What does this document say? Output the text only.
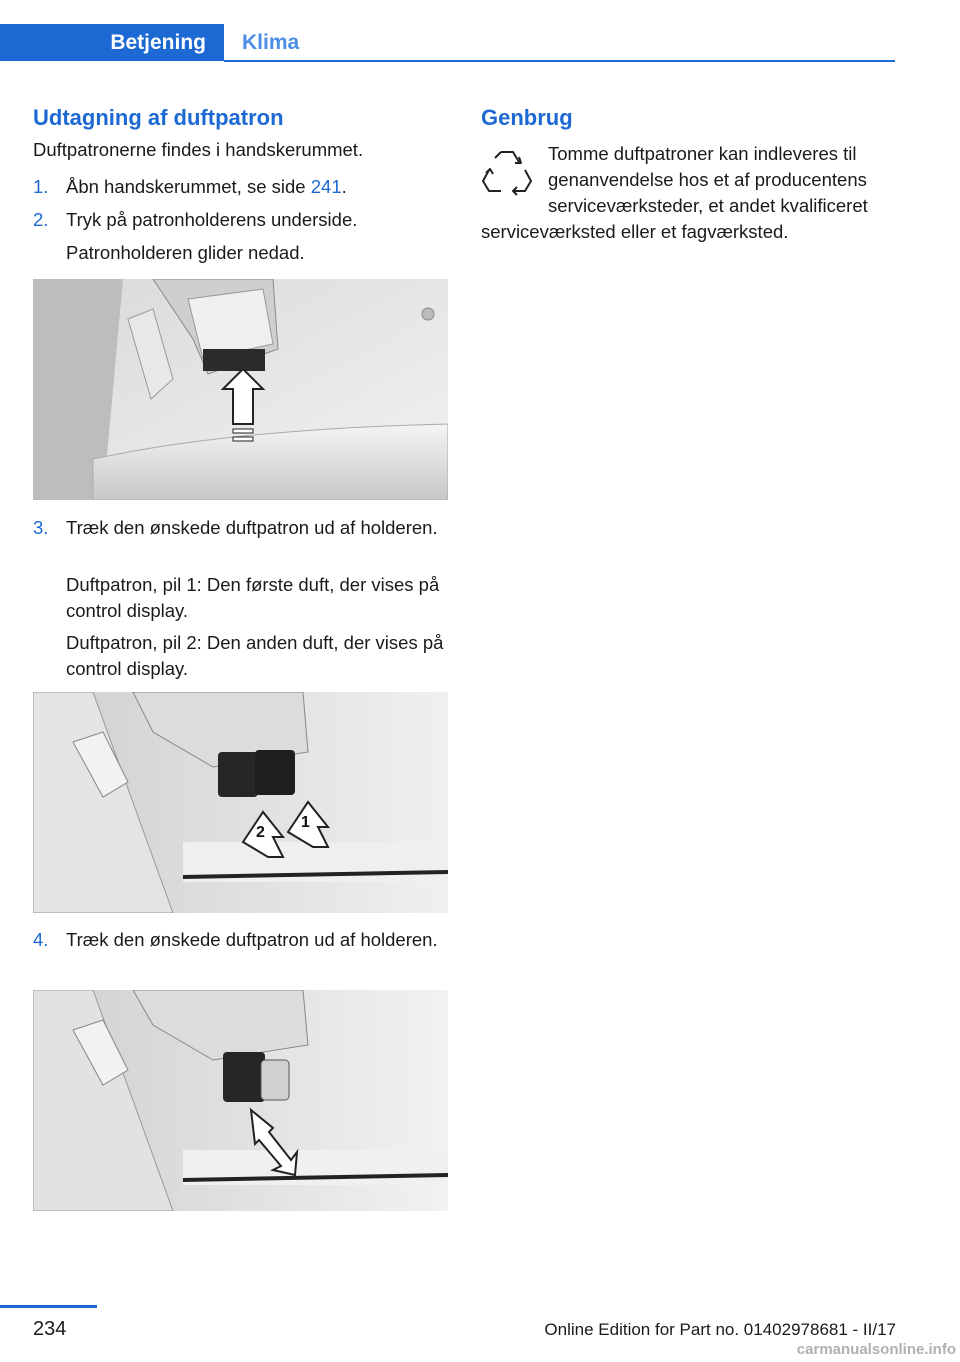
Betjening	Klima
Udtagning af duftpatron
Duftpatronerne findes i handskerummet.
1. Åbn handskerummet, se side 241.
2. Tryk på patronholderens underside.
Patronholderen glider nedad.
3. Træk den ønskede duftpatron ud af holderen.
Duftpatron, pil 1: Den første duft, der vises på control display.
Duftpatron, pil 2: Den anden duft, der vises på control display.
2
1
4. Træk den ønskede duftpatron ud af holderen.
Genbrug
Tomme duftpatroner kan indleveres til genanvendelse hos et af producentens serviceværksteder, et andet kvalificeret serviceværksted eller et fagværksted.
234	Online Edition for Part no. 01402978681 - II/17
carmanualsonline.info
